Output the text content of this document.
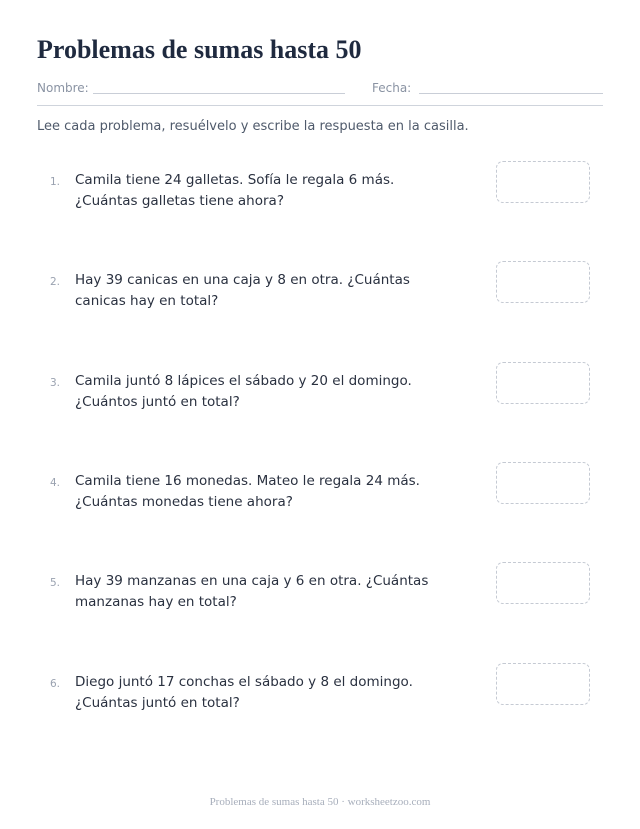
Problemas de sumas hasta 50
Nombre:	Fecha:

Lee cada problema, resuélvelo y escribe la respuesta en la casilla.

1. Camila tiene 24 galletas. Sofía le regala 6 más.
¿Cuántas galletas tiene ahora?

2. Hay 39 canicas en una caja y 8 en otra. ¿Cuántas
canicas hay en total?

3. Camila juntó 8 lápices el sábado y 20 el domingo.
¿Cuántos juntó en total?

4. Camila tiene 16 monedas. Mateo le regala 24 más.
¿Cuántas monedas tiene ahora?

5. Hay 39 manzanas en una caja y 6 en otra. ¿Cuántas
manzanas hay en total?

6. Diego juntó 17 conchas el sábado y 8 el domingo.
¿Cuántas juntó en total?

Problemas de sumas hasta 50 · worksheetzoo.com
